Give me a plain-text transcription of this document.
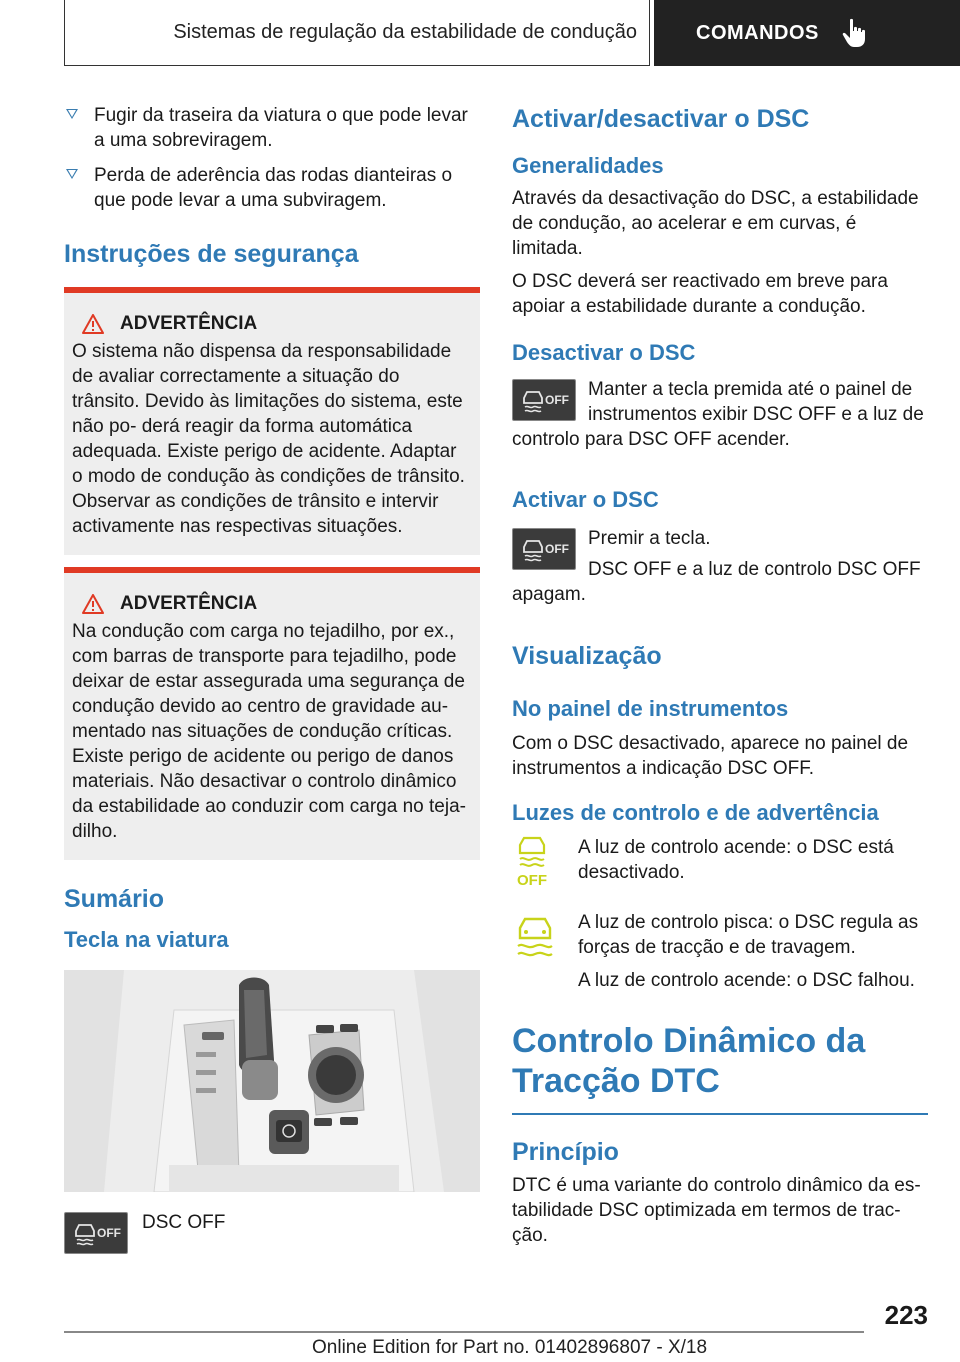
Sistemas de regulação da estabilidade de condução	COMANDOS
Fugir da traseira da viatura o que pode levar a uma sobreviragem.
Perda de aderência das rodas dianteiras o que pode levar a uma subviragem.
Instruções de segurança
ADVERTÊNCIA

O sistema não dispensa da responsabilidade de avaliar correctamente a situação do trânsito. Devido às limitações do sistema, este não po- derá reagir da forma automática adequada. Existe perigo de acidente. Adaptar o modo de condução às condições de trânsito. Observar as condições de trânsito e intervir activamente nas respectivas situações.

ADVERTÊNCIA

Na condução com carga no tejadilho, por ex., com barras de transporte para tejadilho, pode deixar de estar assegurada uma segurança de condução devido ao centro de gravidade au- mentado nas situações de condução críticas. Existe perigo de acidente ou perigo de danos materiais. Não desactivar o controlo dinâmico da estabilidade ao conduzir com carga no teja- dilho.

Sumário
Tecla na viatura
OFF DSC OFF

Activar/desactivar o DSC
Generalidades

Através da desactivação do DSC, a estabilidade de condução, ao acelerar e em curvas, é limitada.

O DSC deverá ser reactivado em breve para apoiar a estabilidade durante a condução.

Desactivar o DSC
OFF	Manter a tecla premida até o painel de instrumentos exibir DSC OFF e a luz de controlo para DSC OFF acender.

Activar o DSC
OFF	Premir a tecla.

DSC OFF e a luz de controlo DSC OFF apagam.

Visualização
No painel de instrumentos

Com o DSC desactivado, aparece no painel de instrumentos a indicação DSC OFF.

Luzes de controlo e de advertência
OFF

A luz de controlo acende: o DSC está desactivado.

A luz de controlo pisca: o DSC regula as forças de tracção e de travagem.

A luz de controlo acende: o DSC falhou.

Controlo Dinâmico da Tracção DTC
Princípio

DTC é uma variante do controlo dinâmico da es- tabilidade DSC optimizada em termos de trac- ção.

223
Online Edition for Part no. 01402896807 - X/18
